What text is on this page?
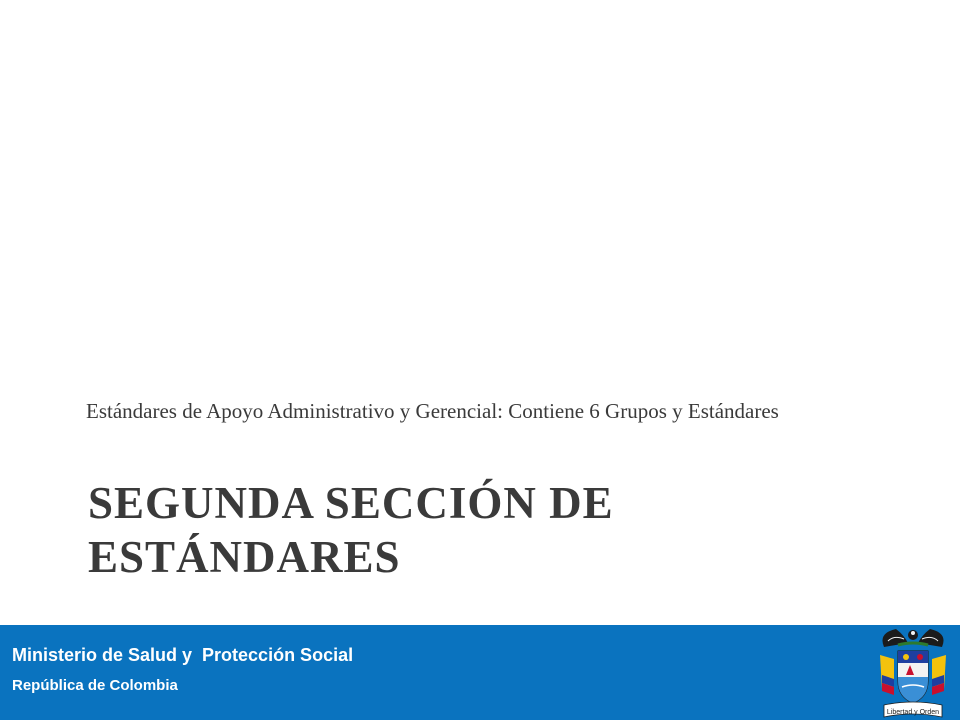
Estándares de Apoyo Administrativo y Gerencial: Contiene 6 Grupos y Estándares

SEGUNDA SECCIÓN DE
ESTÁNDARES
Ministerio de Salud y  Protección Social
República de Colombia
Libertad y Orden
